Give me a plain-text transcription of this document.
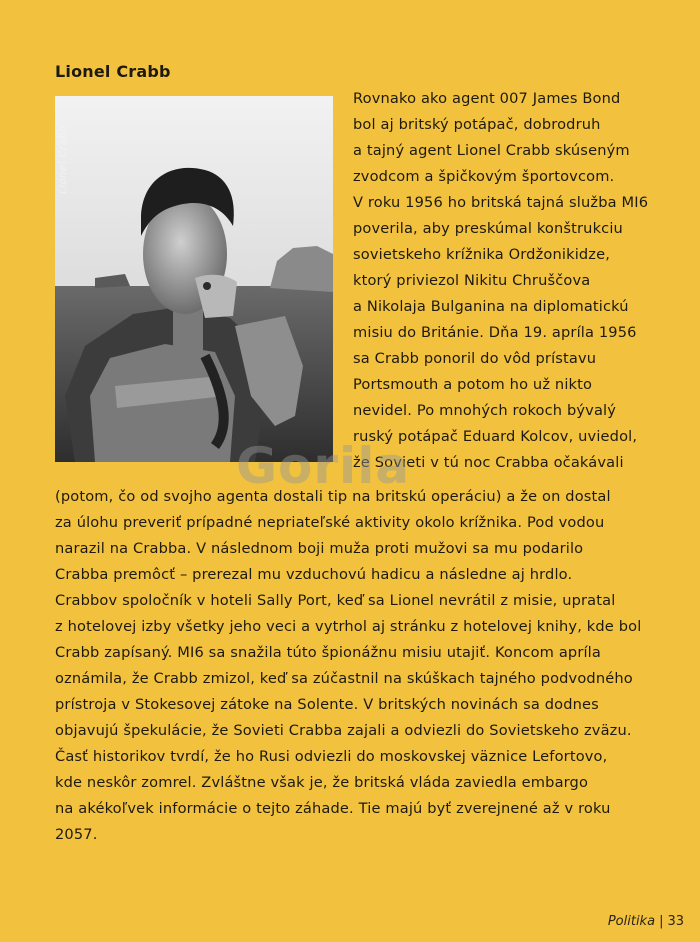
Lionel Crabb
Lionel Crabb
Rovnako ako agent 007 James Bond
bol aj britský potápač, dobrodruh
a tajný agent Lionel Crabb skúseným
zvodcom a špičkovým športovcom.
V roku 1956 ho britská tajná služba MI6
poverila, aby preskúmal konštrukciu
sovietskeho krížnika Ordžonikidze,
ktorý priviezol Nikitu Chruščova
a Nikolaja Bulganina na diplomatickú
misiu do Británie. Dňa 19. apríla 1956
sa Crabb ponoril do vôd prístavu
Portsmouth a potom ho už nikto
nevidel. Po mnohých rokoch bývalý
ruský potápač Eduard Kolcov, uviedol,
že Sovieti v tú noc Crabba očakávali
(potom, čo od svojho agenta dostali tip na britskú operáciu) a že on dostal
za úlohu preveriť prípadné nepriateľské aktivity okolo krížnika. Pod vodou
narazil na Crabba. V následnom boji muža proti mužovi sa mu podarilo
Crabba premôcť – prerezal mu vzduchovú hadicu a následne aj hrdlo.
Crabbov spoločník v hoteli Sally Port, keď sa Lionel nevrátil z misie, upratal
z hotelovej izby všetky jeho veci a vytrhol aj stránku z hotelovej knihy, kde bol
Crabb zapísaný. MI6 sa snažila túto špionážnu misiu utajiť. Koncom apríla
oznámila, že Crabb zmizol, keď sa zúčastnil na skúškach tajného podvodného
prístroja v Stokesovej zátoke na Solente. V britských novinách sa dodnes
objavujú špekulácie, že Sovieti Crabba zajali a odviezli do Sovietskeho zväzu.
Časť historikov tvrdí, že ho Rusi odviezli do moskovskej väznice Lefortovo,
kde neskôr zomrel. Zvláštne však je, že britská vláda zaviedla embargo
na akékoľvek informácie o tejto záhade. Tie majú byť zverejnené až v roku
2057.
Gorila
Politika | 33
